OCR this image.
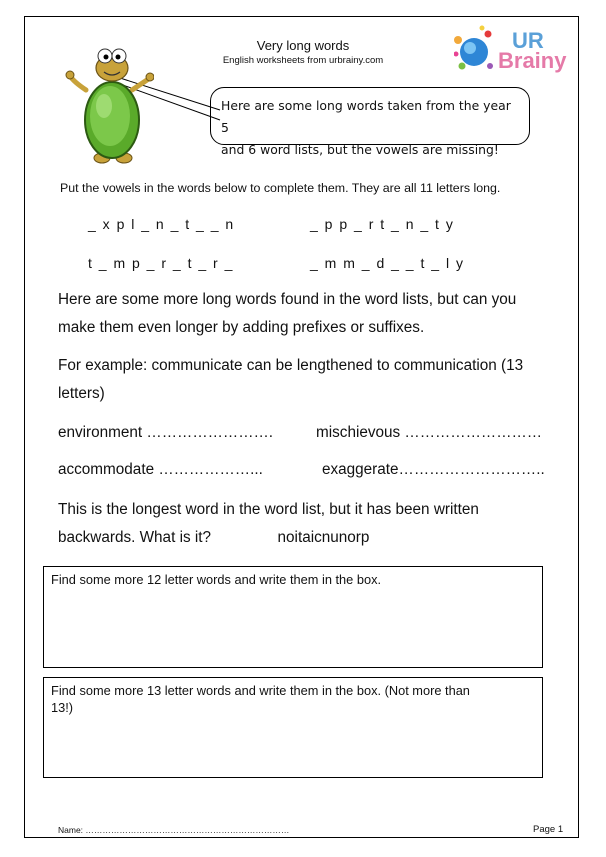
Very long words
English worksheets from urbrainy.com
UR
Brainy
Here are some long words taken from the year 5
and 6 word lists, but the vowels are missing!
Put the vowels in the words below to complete them. They are all 11 letters long.
_ x p l _ n _ t _ _ n	_ p p _ r t _ n _ t y
t _ m p _ r _ t _ r _	_ m m _ d _ _ t _ l y
Here are some more long words found in the word lists, but can you
make them even longer by adding prefixes or suffixes.
For example: communicate can be lengthened to communication (13
letters)
environment …………………….	mischievous ………………………
accommodate ………………...	exaggerate………………………..
This is the longest word in the word list, but it has been written
backwards. What is it?	noitaicnunorp
Find some more 12 letter words and write them in the box.
Find some more 13 letter words and write them in the box. (Not more than
13!)
Name: ………………………………………………………………	Page 1
